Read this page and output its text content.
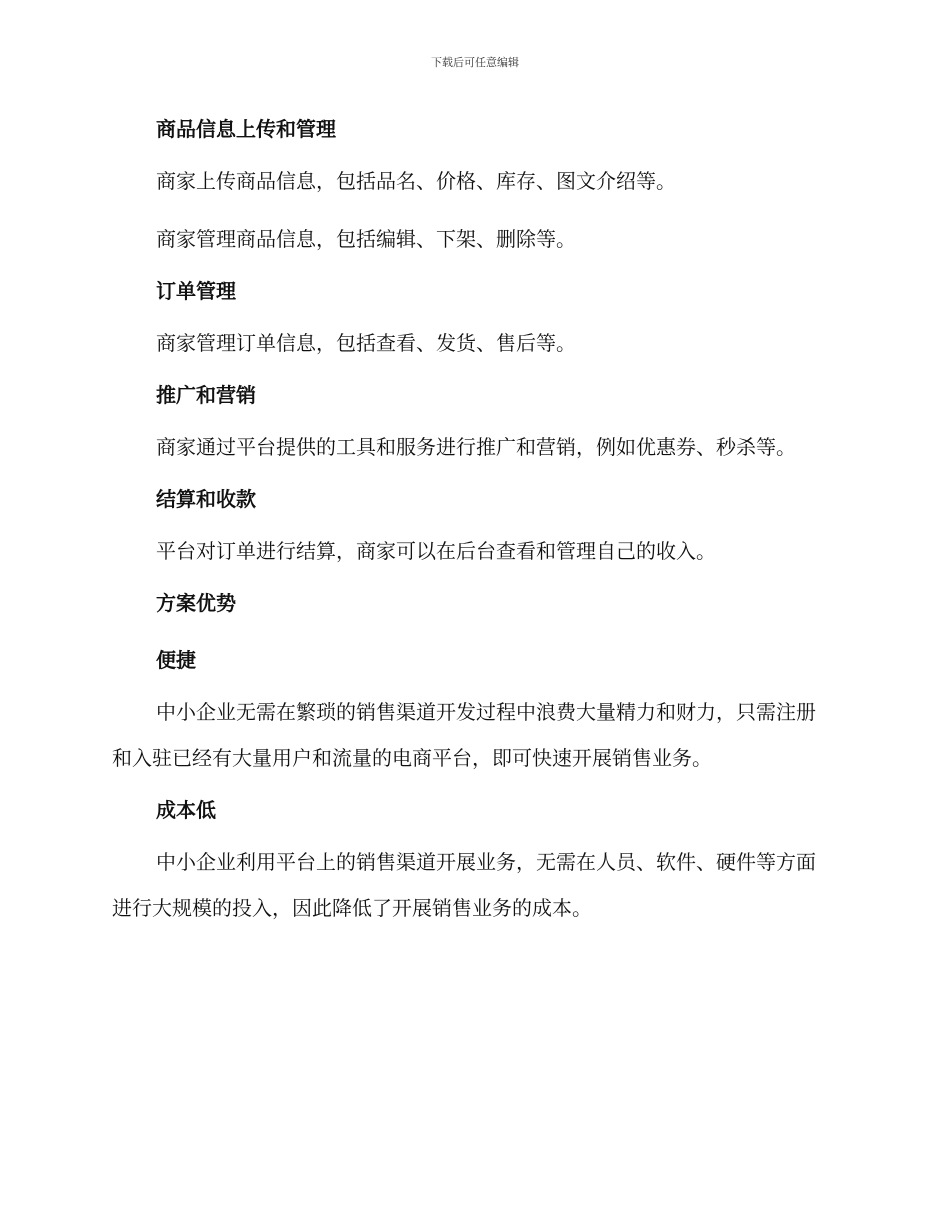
下载后可任意编辑
商品信息上传和管理

商家上传商品信息，包括品名、价格、库存、图文介绍等。

商家管理商品信息，包括编辑、下架、删除等。

订单管理

商家管理订单信息，包括查看、发货、售后等。

推广和营销

商家通过平台提供的工具和服务进行推广和营销，例如优惠券、秒杀等。

结算和收款

平台对订单进行结算，商家可以在后台查看和管理自己的收入。

方案优势
便捷

中小企业无需在繁琐的销售渠道开发过程中浪费大量精力和财力，只需注册和入驻已经有大量用户和流量的电商平台，即可快速开展销售业务。

成本低

中小企业利用平台上的销售渠道开展业务，无需在人员、软件、硬件等方面进行大规模的投入，因此降低了开展销售业务的成本。
